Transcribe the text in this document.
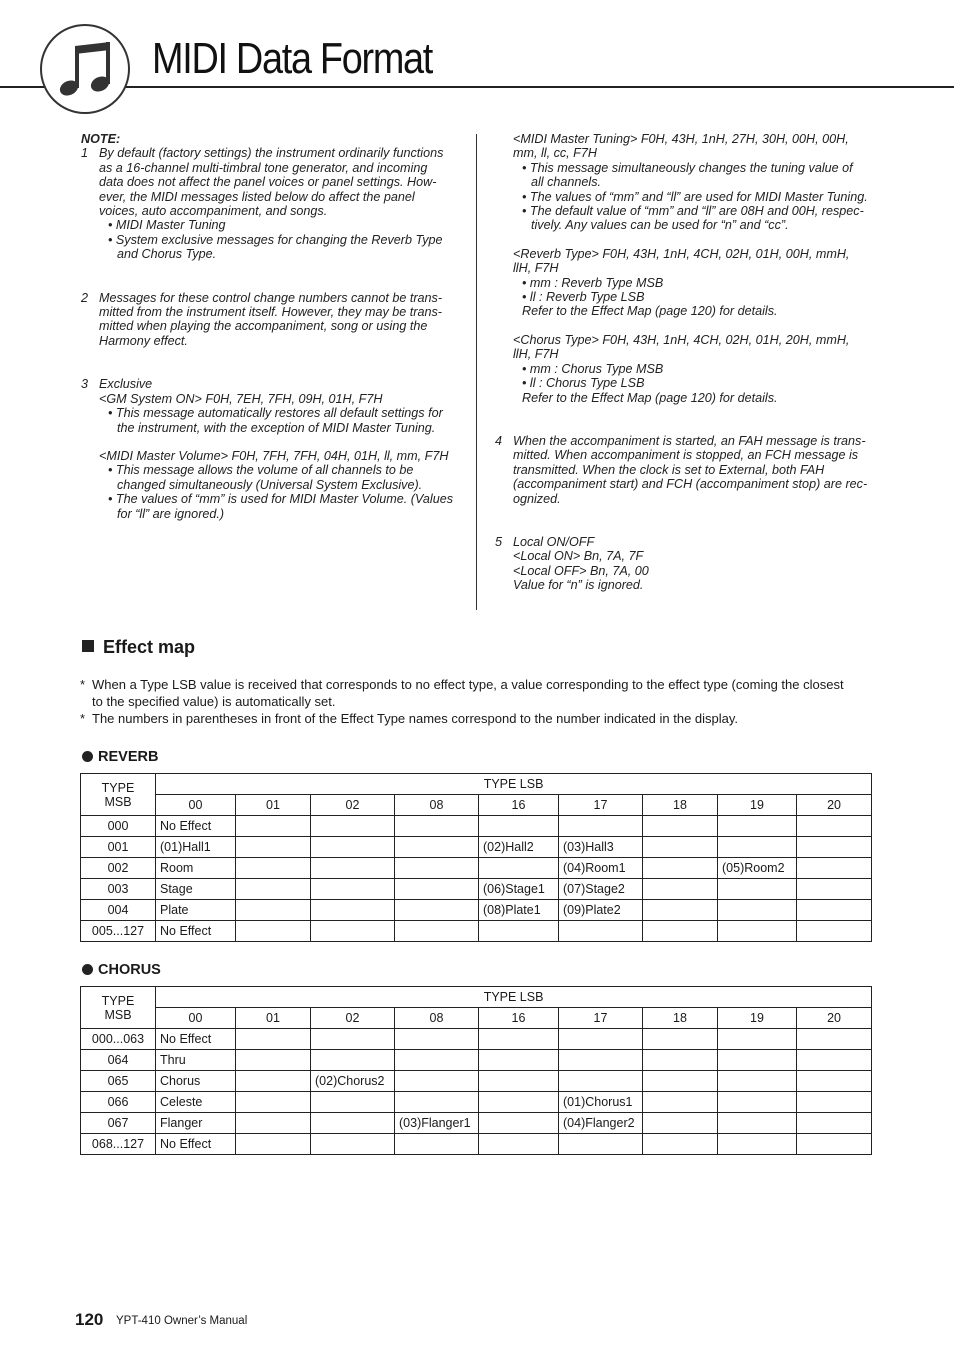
MIDI Data Format

NOTE:

1 By default (factory settings) the instrument ordinarily functions

as a 16-channel multi-timbral tone generator, and incoming

data does not affect the panel voices or panel settings. How-

ever, the MIDI messages listed below do affect the panel

voices, auto accompaniment, and songs.

• MIDI Master Tuning

• System exclusive messages for changing the Reverb Type

and Chorus Type.

2 Messages for these control change numbers cannot be trans-

mitted from the instrument itself. However, they may be trans-

mitted when playing the accompaniment, song or using the

Harmony effect.

3 Exclusive

<GM System ON> F0H, 7EH, 7FH, 09H, 01H, F7H

• This message automatically restores all default settings for

the instrument, with the exception of MIDI Master Tuning.

<MIDI Master Volume> F0H, 7FH, 7FH, 04H, 01H, ll, mm, F7H

• This message allows the volume of all channels to be

changed simultaneously (Universal System Exclusive).

• The values of “mm” is used for MIDI Master Volume. (Values

for “ll” are ignored.)

<MIDI Master Tuning> F0H, 43H, 1nH, 27H, 30H, 00H, 00H,

mm, ll, cc, F7H

• This message simultaneously changes the tuning value of

all channels.

• The values of “mm” and “ll” are used for MIDI Master Tuning.

• The default value of “mm” and “ll” are 08H and 00H, respec-

tively. Any values can be used for “n” and “cc”.

<Reverb Type> F0H, 43H, 1nH, 4CH, 02H, 01H, 00H, mmH,

llH, F7H

• mm : Reverb Type MSB

• ll : Reverb Type LSB

Refer to the Effect Map (page 120) for details.

<Chorus Type> F0H, 43H, 1nH, 4CH, 02H, 01H, 20H, mmH,

llH, F7H

• mm : Chorus Type MSB

• ll : Chorus Type LSB

Refer to the Effect Map (page 120) for details.

4 When the accompaniment is started, an FAH message is trans-

mitted. When accompaniment is stopped, an FCH message is

transmitted. When the clock is set to External, both FAH

(accompaniment start) and FCH (accompaniment stop) are rec-

ognized.

5 Local ON/OFF

<Local ON> Bn, 7A, 7F

<Local OFF> Bn, 7A, 00

Value for “n” is ignored.

Effect map
* When a Type LSB value is received that corresponds to no effect type, a value corresponding to the effect type (coming the closest
to the specified value) is automatically set.
* The numbers in parentheses in front of the Effect Type names correspond to the number indicated in the display.
REVERB
TYPE
MSB	TYPE LSB								
	00	01	02	08	16	17	18	19	20
000	No Effect								
001	(01)Hall1				(02)Hall2	(03)Hall3			
002	Room					(04)Room1		(05)Room2	
003	Stage				(06)Stage1	(07)Stage2			
004	Plate				(08)Plate1	(09)Plate2			
005...127	No Effect								
CHORUS
TYPE
MSB	TYPE LSB								
	00	01	02	08	16	17	18	19	20
000...063	No Effect								
064	Thru								
065	Chorus		(02)Chorus2						
066	Celeste					(01)Chorus1			
067	Flanger			(03)Flanger1		(04)Flanger2			
068...127	No Effect								
120 YPT-410 Owner’s Manual
